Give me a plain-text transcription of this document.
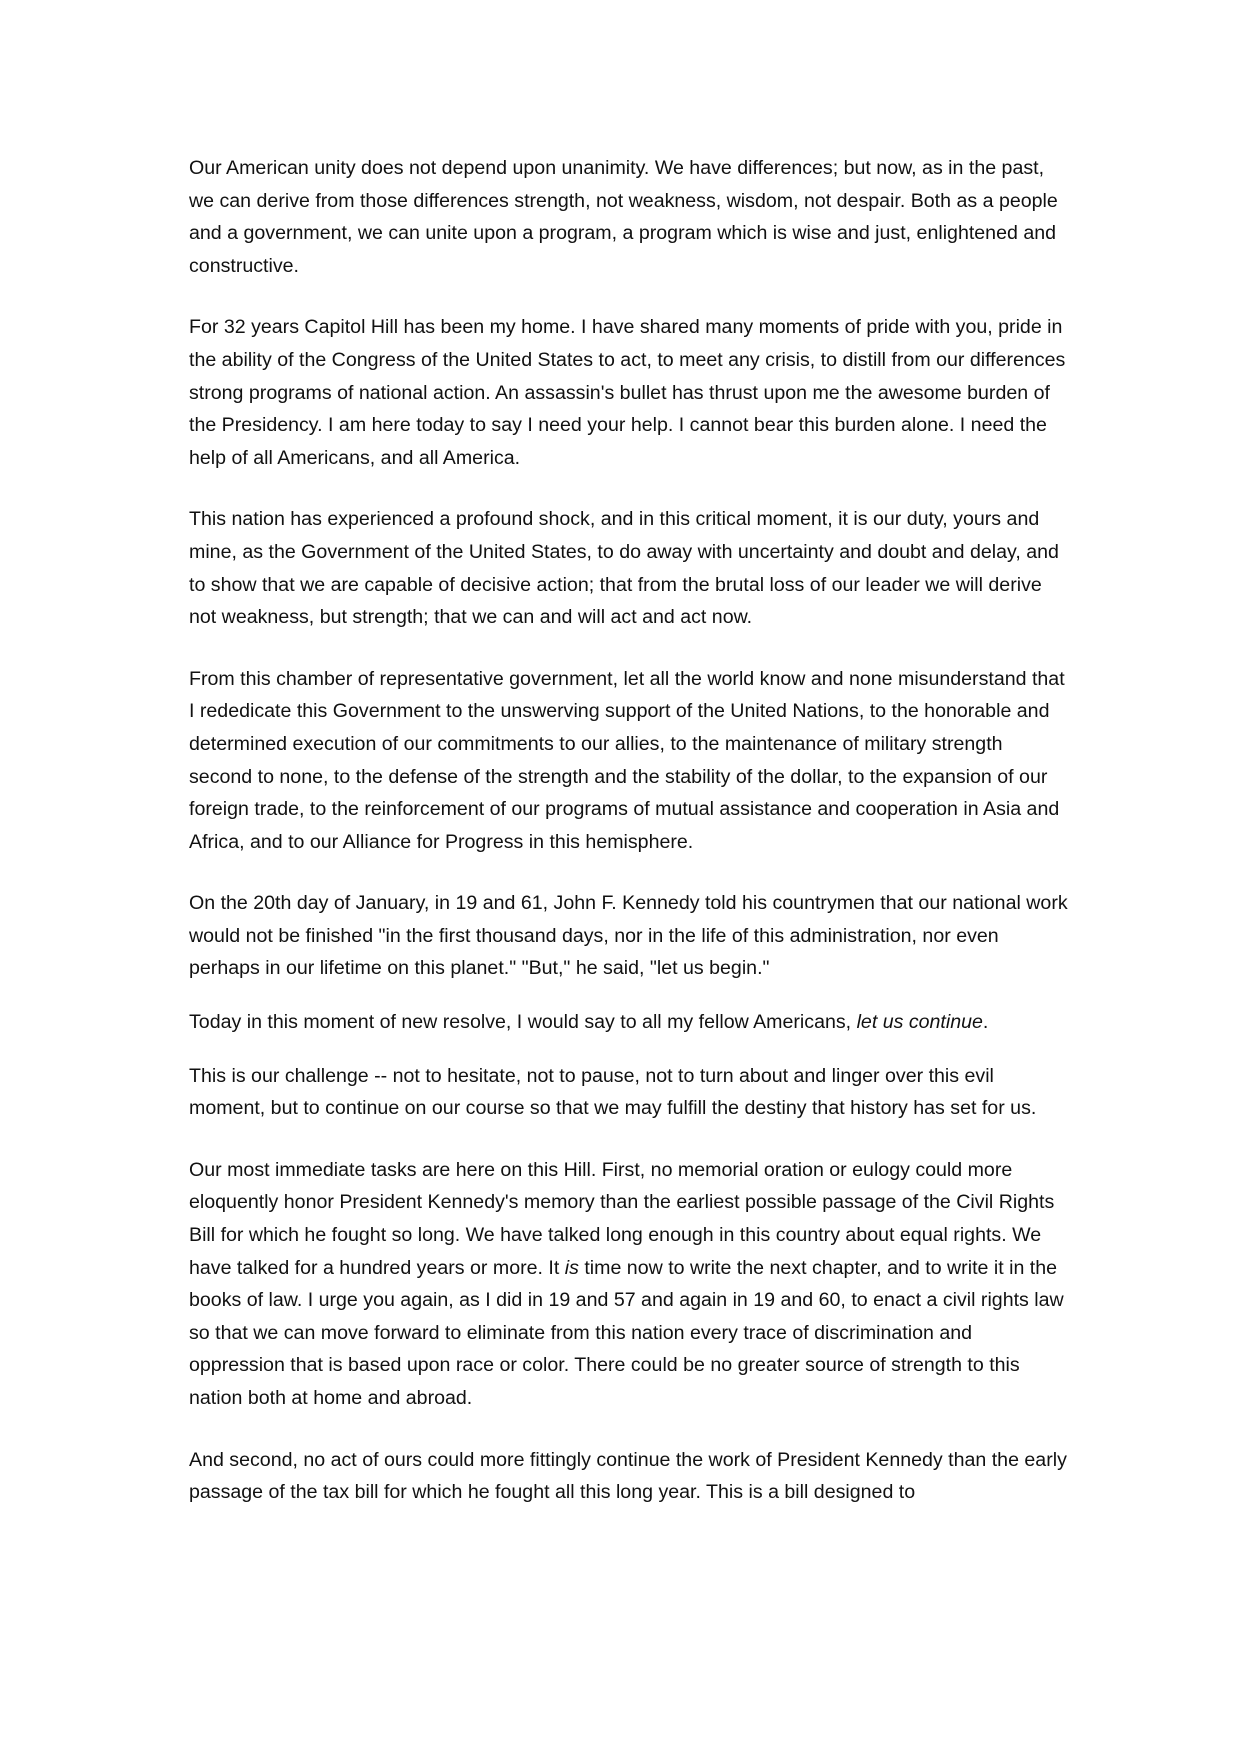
Our American unity does not depend upon unanimity. We have differences; but now, as in the past, we can derive from those differences strength, not weakness, wisdom, not despair. Both as a people and a government, we can unite upon a program, a program which is wise and just, enlightened and constructive.

For 32 years Capitol Hill has been my home. I have shared many moments of pride with you, pride in the ability of the Congress of the United States to act, to meet any crisis, to distill from our differences strong programs of national action. An assassin's bullet has thrust upon me the awesome burden of the Presidency. I am here today to say I need your help. I cannot bear this burden alone. I need the help of all Americans, and all America.

This nation has experienced a profound shock, and in this critical moment, it is our duty, yours and mine, as the Government of the United States, to do away with uncertainty and doubt and delay, and to show that we are capable of decisive action; that from the brutal loss of our leader we will derive not weakness, but strength; that we can and will act and act now.

From this chamber of representative government, let all the world know and none misunderstand that I rededicate this Government to the unswerving support of the United Nations, to the honorable and determined execution of our commitments to our allies, to the maintenance of military strength second to none, to the defense of the strength and the stability of the dollar, to the expansion of our foreign trade, to the reinforcement of our programs of mutual assistance and cooperation in Asia and Africa, and to our Alliance for Progress in this hemisphere.

On the 20th day of January, in 19 and 61, John F. Kennedy told his countrymen that our national work would not be finished "in the first thousand days, nor in the life of this administration, nor even perhaps in our lifetime on this planet." "But," he said, "let us begin."

Today in this moment of new resolve, I would say to all my fellow Americans, let us continue.

This is our challenge -- not to hesitate, not to pause, not to turn about and linger over this evil moment, but to continue on our course so that we may fulfill the destiny that history has set for us.

Our most immediate tasks are here on this Hill. First, no memorial oration or eulogy could more eloquently honor President Kennedy's memory than the earliest possible passage of the Civil Rights Bill for which he fought so long. We have talked long enough in this country about equal rights. We have talked for a hundred years or more. It is time now to write the next chapter, and to write it in the books of law. I urge you again, as I did in 19 and 57 and again in 19 and 60, to enact a civil rights law so that we can move forward to eliminate from this nation every trace of discrimination and oppression that is based upon race or color. There could be no greater source of strength to this nation both at home and abroad.

And second, no act of ours could more fittingly continue the work of President Kennedy than the early passage of the tax bill for which he fought all this long year. This is a bill designed to
